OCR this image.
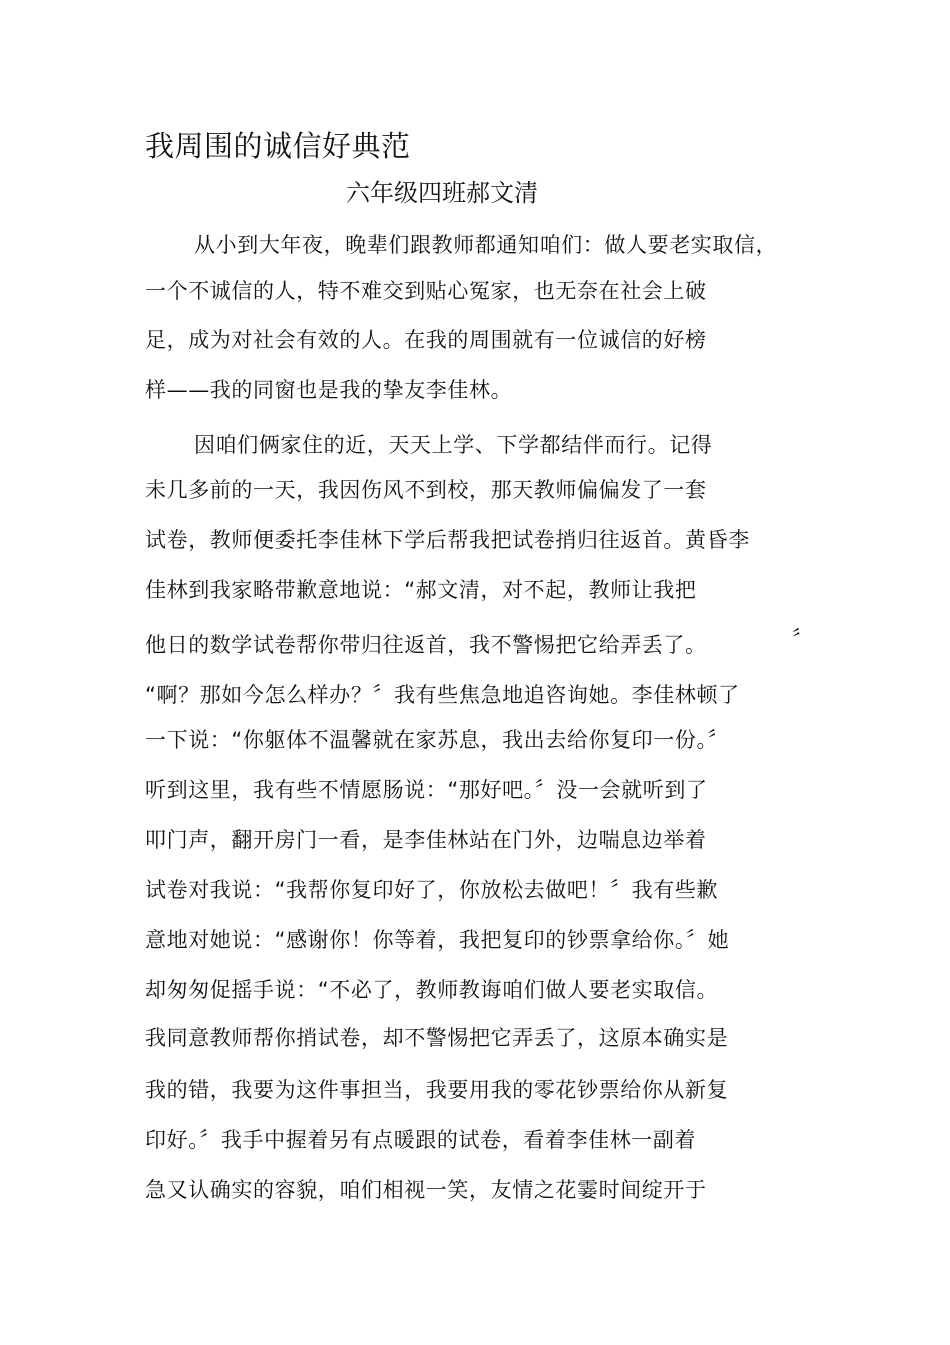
我周围的诚信好典范
六年级四班郝文清
从小到大年夜，晚辈们跟教师都通知咱们：做人要老实取信，
一个不诚信的人，特不难交到贴心冤家，也无奈在社会上破
足，成为对社会有效的人。在我的周围就有一位诚信的好榜
样——我的同窗也是我的挚友李佳林。
因咱们俩家住的近，天天上学、下学都结伴而行。记得
未几多前的一天，我因伤风不到校，那天教师偏偏发了一套
试卷，教师便委托李佳林下学后帮我把试卷捎归往返首。黄昏李
佳林到我家略带歉意地说：“郝文清，对不起，教师让我把
他日的数学试卷帮你带归往返首，我不警惕把它给弄丢了。	〞
“啊？那如今怎么样办？〞我有些焦急地追咨询她。李佳林顿了
一下说：“你躯体不温馨就在家苏息，我出去给你复印一份。〞
听到这里，我有些不情愿肠说：“那好吧。〞没一会就听到了
叩门声，翻开房门一看，是李佳林站在门外，边喘息边举着
试卷对我说：“我帮你复印好了，你放松去做吧！〞我有些歉
意地对她说：“感谢你！你等着，我把复印的钞票拿给你。〞她
却匆匆促摇手说：“不必了，教师教诲咱们做人要老实取信。
我同意教师帮你捎试卷，却不警惕把它弄丢了，这原本确实是
我的错，我要为这件事担当，我要用我的零花钞票给你从新复
印好。〞我手中握着另有点暖跟的试卷，看着李佳林一副着
急又认确实的容貌，咱们相视一笑，友情之花霎时间绽开于
